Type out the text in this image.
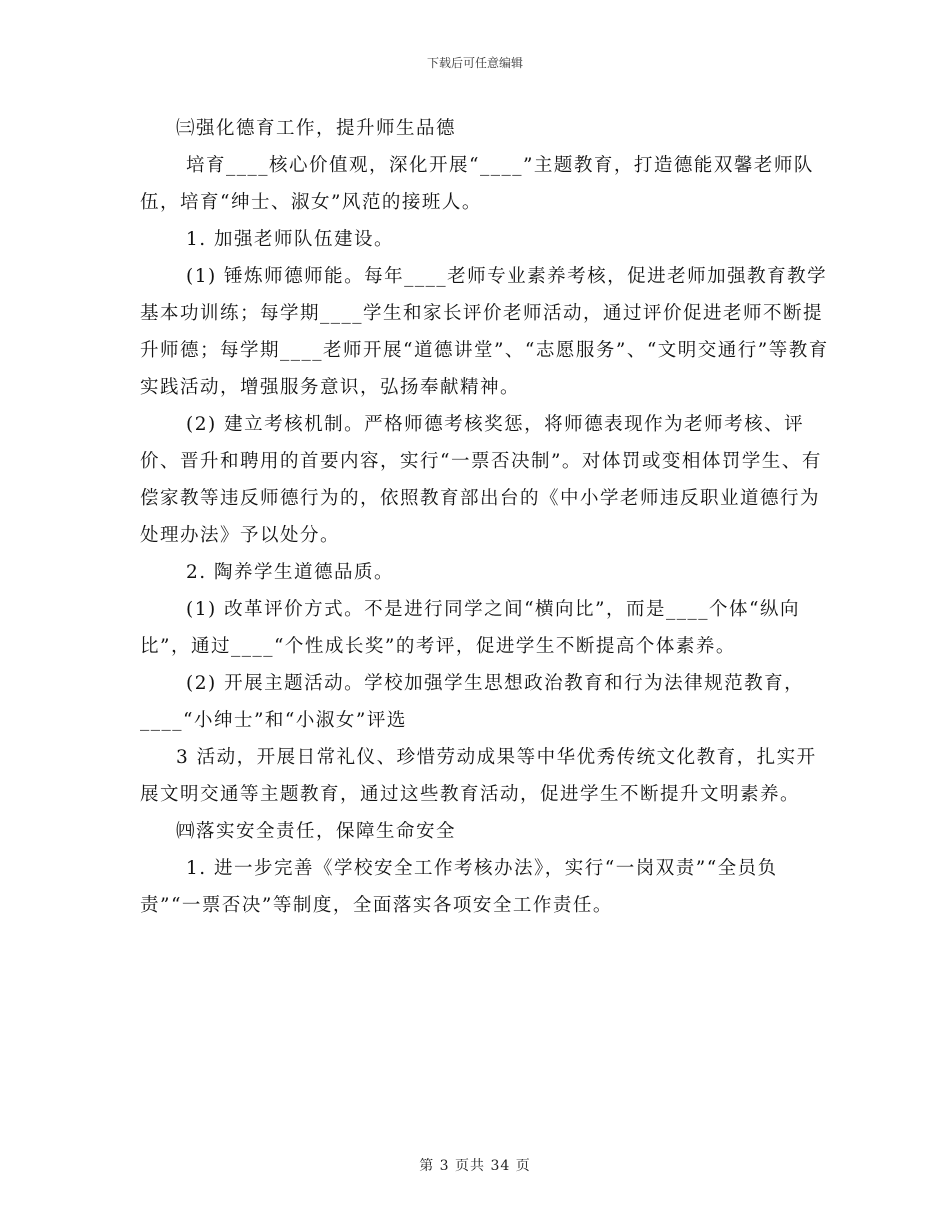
下载后可任意编辑

㈢强化德育工作，提升师生品德

培育____核心价值观，深化开展“____”主题教育，打造德能双馨老师队伍，培育“绅士、淑女”风范的接班人。

1. 加强老师队伍建设。

(1) 锤炼师德师能。每年____老师专业素养考核，促进老师加强教育教学基本功训练；每学期____学生和家长评价老师活动，通过评价促进老师不断提升师德；每学期____老师开展“道德讲堂”、“志愿服务”、“文明交通行”等教育实践活动，增强服务意识，弘扬奉献精神。

(2) 建立考核机制。严格师德考核奖惩，将师德表现作为老师考核、评价、晋升和聘用的首要内容，实行“一票否决制”。对体罚或变相体罚学生、有偿家教等违反师德行为的，依照教育部出台的《中小学老师违反职业道德行为处理办法》予以处分。

2. 陶养学生道德品质。

(1) 改革评价方式。不是进行同学之间“横向比”，而是____个体“纵向比”，通过____“个性成长奖”的考评，促进学生不断提高个体素养。

(2) 开展主题活动。学校加强学生思想政治教育和行为法律规范教育，____“小绅士”和“小淑女”评选

3 活动，开展日常礼仪、珍惜劳动成果等中华优秀传统文化教育，扎实开展文明交通等主题教育，通过这些教育活动，促进学生不断提升文明素养。

㈣落实安全责任，保障生命安全

1. 进一步完善《学校安全工作考核办法》，实行“一岗双责”“全员负责”“一票否决”等制度，全面落实各项安全工作责任。

第 3 页共 34 页
